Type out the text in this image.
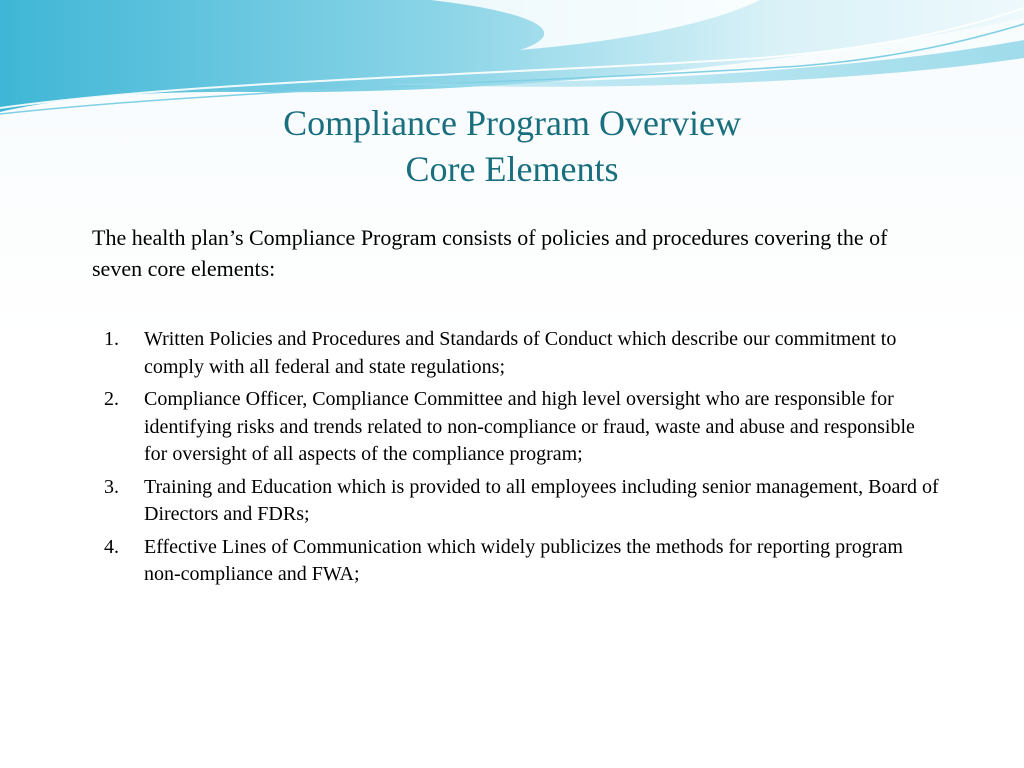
Compliance Program Overview
Core Elements
The health plan’s Compliance Program consists of policies and procedures covering the of seven core elements:
1. Written Policies and Procedures and Standards of Conduct which describe our commitment to comply with all federal and state regulations;
2. Compliance Officer, Compliance Committee and high level oversight who are responsible for identifying risks and trends related to non-compliance or fraud, waste and abuse and responsible for oversight of all aspects of the compliance program;
3. Training and Education which is provided to all employees including senior management, Board of Directors and FDRs;
4. Effective Lines of Communication which widely publicizes the methods for reporting program non-compliance and FWA;
